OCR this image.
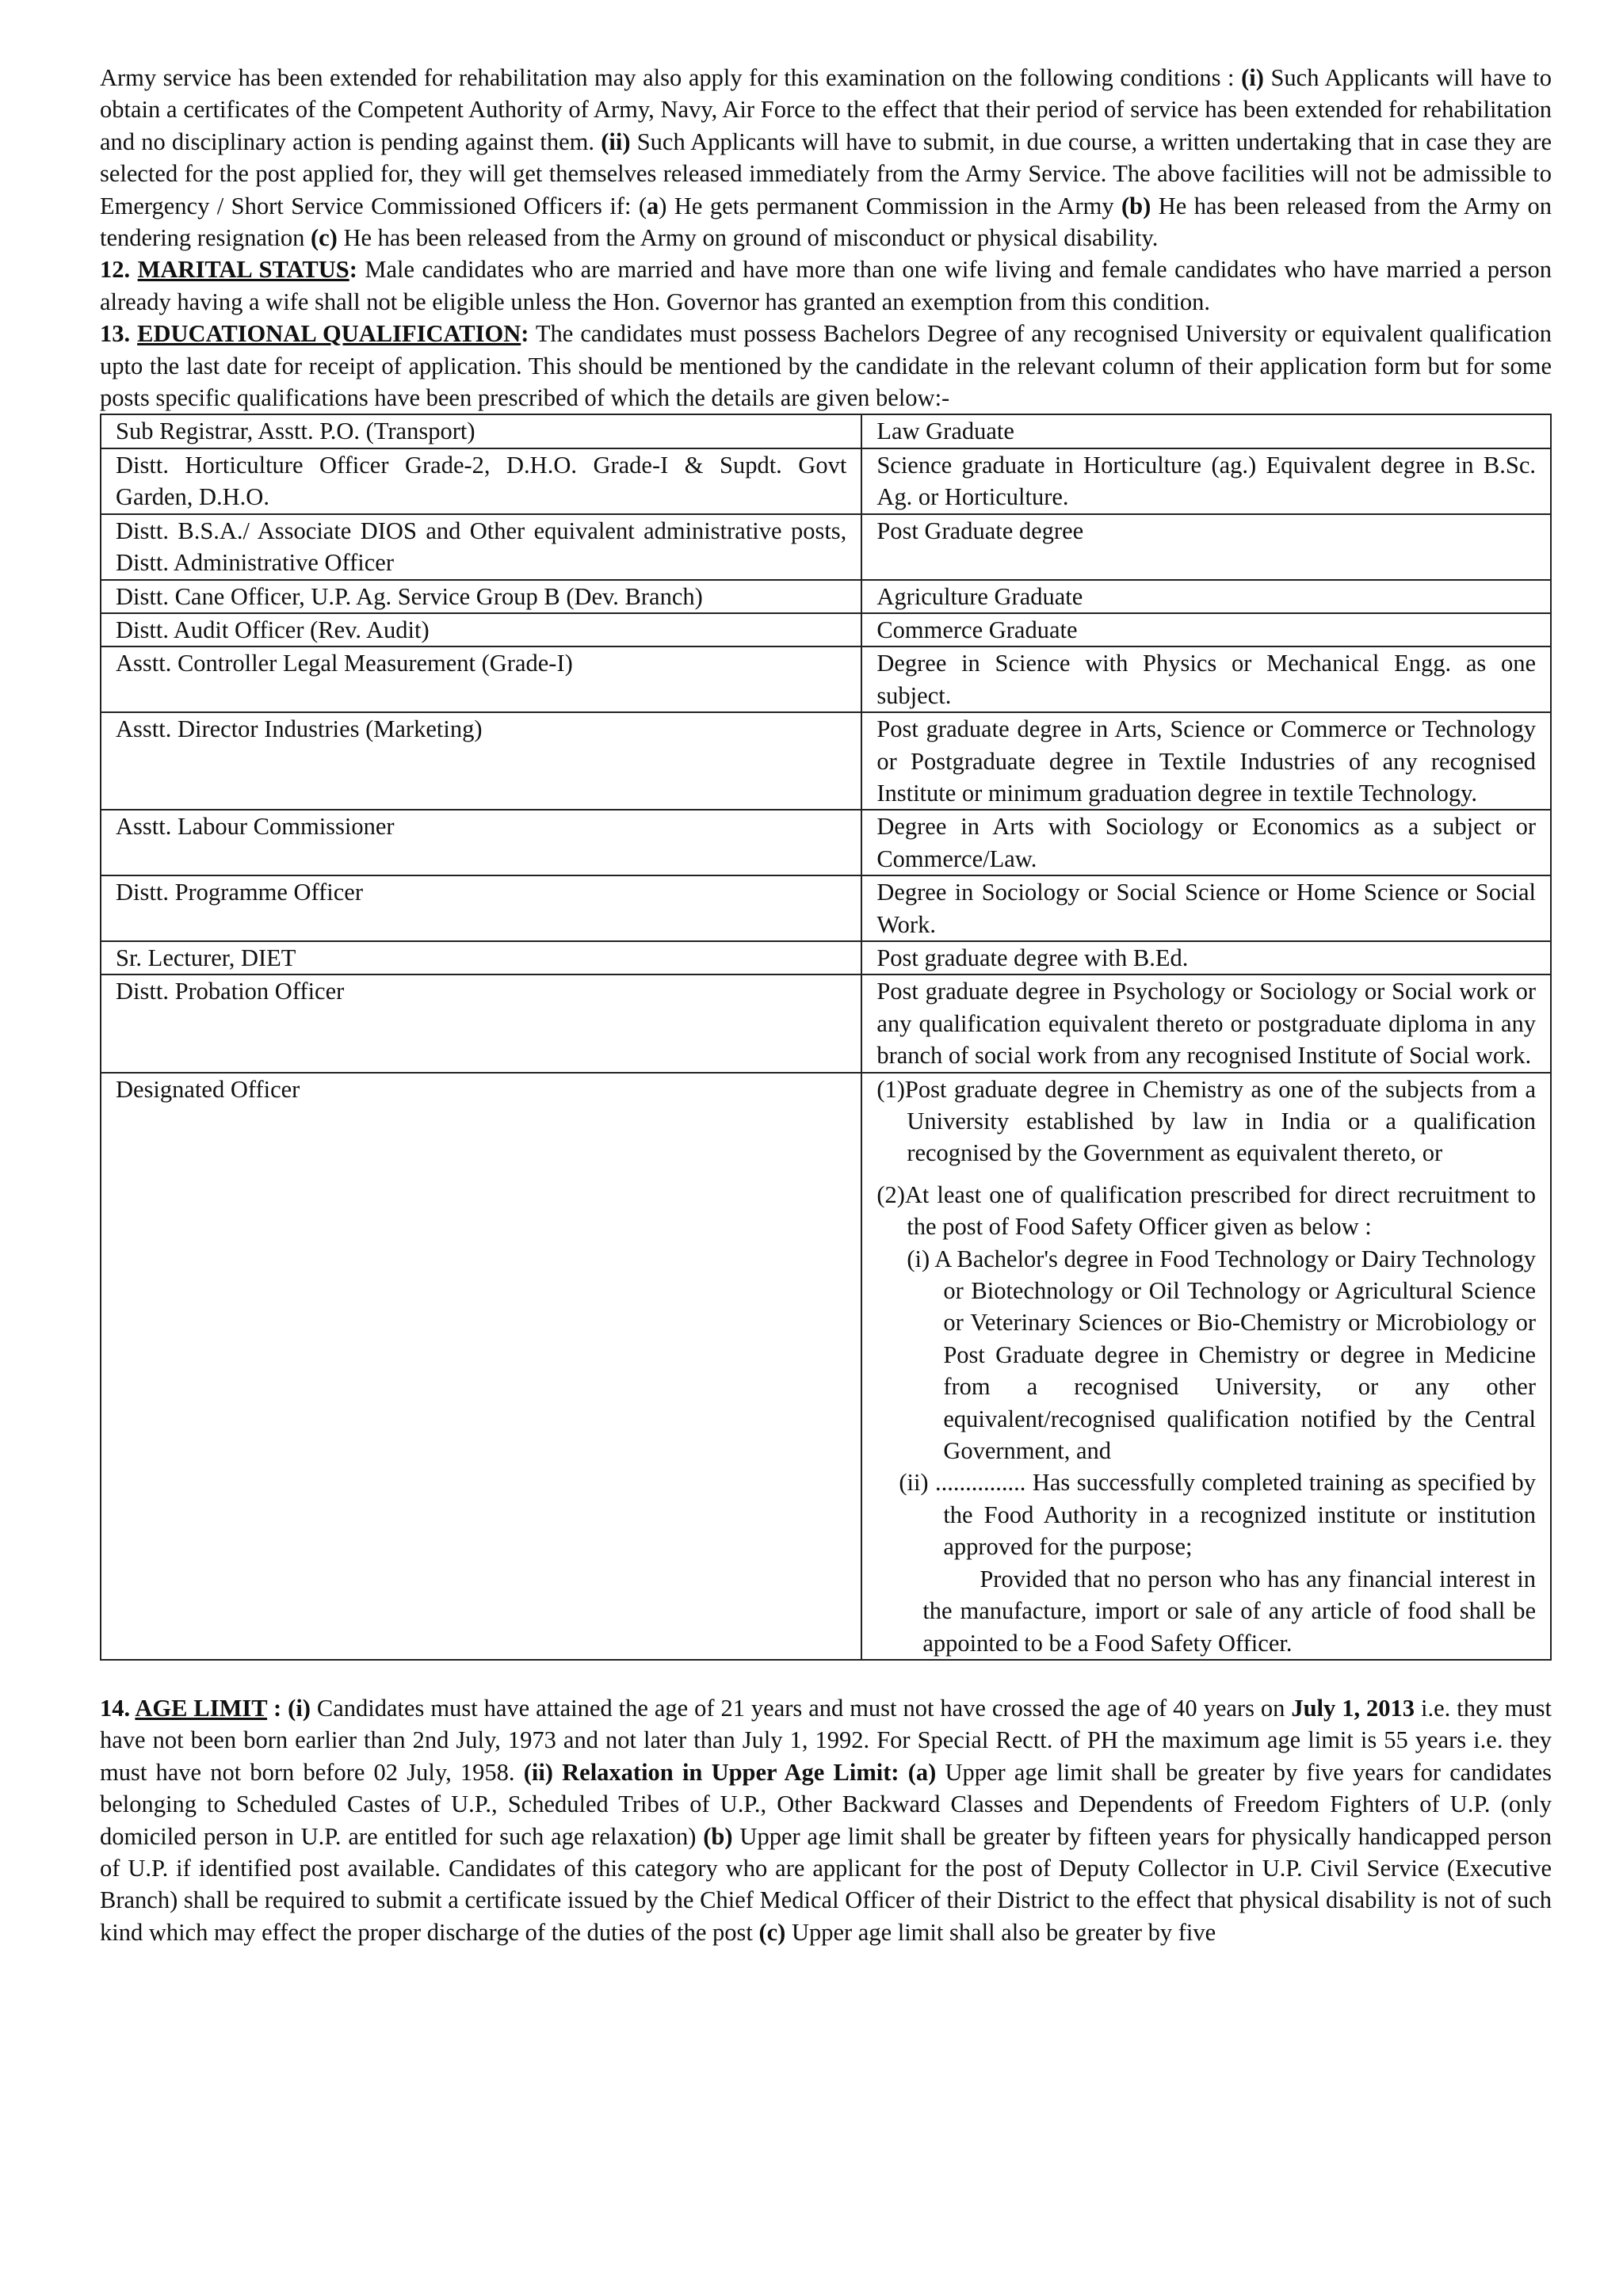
Army service has been extended for rehabilitation may also apply for this examination on the following conditions : (i) Such Applicants will have to obtain a certificates of the Competent Authority of Army, Navy, Air Force to the effect that their period of service has been extended for rehabilitation and no disciplinary action is pending against them. (ii) Such Applicants will have to submit, in due course, a written undertaking that in case they are selected for the post applied for, they will get themselves released immediately from the Army Service. The above facilities will not be admissible to Emergency / Short Service Commissioned Officers if: (a) He gets permanent Commission in the Army (b) He has been released from the Army on tendering resignation (c) He has been released from the Army on ground of misconduct or physical disability.

12. MARITAL STATUS: Male candidates who are married and have more than one wife living and female candidates who have married a person already having a wife shall not be eligible unless the Hon. Governor has granted an exemption from this condition.

13. EDUCATIONAL QUALIFICATION: The candidates must possess Bachelors Degree of any recognised University or equivalent qualification upto the last date for receipt of application. This should be mentioned by the candidate in the relevant column of their application form but for some posts specific qualifications have been prescribed of which the details are given below:-

Sub Registrar, Asstt. P.O. (Transport)	Law Graduate
Distt. Horticulture Officer Grade-2, D.H.O. Grade-I & Supdt. Govt Garden, D.H.O.	Science graduate in Horticulture (ag.) Equivalent degree in B.Sc. Ag. or Horticulture.
Distt. B.S.A./ Associate DIOS and Other equivalent administrative posts, Distt. Administrative Officer	Post Graduate degree
Distt. Cane Officer, U.P. Ag. Service Group B (Dev. Branch)	Agriculture Graduate
Distt. Audit Officer (Rev. Audit)	Commerce Graduate
Asstt. Controller Legal Measurement (Grade-I)	Degree in Science with Physics or Mechanical Engg. as one subject.
Asstt. Director Industries (Marketing)	Post graduate degree in Arts, Science or Commerce or Technology or Postgraduate degree in Textile Industries of any recognised Institute or minimum graduation degree in textile Technology.
Asstt. Labour Commissioner	Degree in Arts with Sociology or Economics as a subject or Commerce/Law.
Distt. Programme Officer	Degree in Sociology or Social Science or Home Science or Social Work.
Sr. Lecturer, DIET	Post graduate degree with B.Ed.
Distt. Probation Officer	Post graduate degree in Psychology or Sociology or Social work or any qualification equivalent thereto or postgraduate diploma in any branch of social work from any recognised Institute of Social work.
Designated Officer	(1)Post graduate degree in Chemistry as one of the subjects from a University established by law in India or a qualification recognised by the Government as equivalent thereto, or
(2)At least one of qualification prescribed for direct recruitment to the post of Food Safety Officer given as below :
(i) A Bachelor's degree in Food Technology or Dairy Technology or Biotechnology or Oil Technology or Agricultural Science or Veterinary Sciences or Bio-Chemistry or Microbiology or Post Graduate degree in Chemistry or degree in Medicine from a recognised University, or any other equivalent/recognised qualification notified by the Central Government, and
(ii) ............... Has successfully completed training as specified by the Food Authority in a recognized institute or institution approved for the purpose;
Provided that no person who has any financial interest in the manufacture, import or sale of any article of food shall be appointed to be a Food Safety Officer.

14. AGE LIMIT : (i) Candidates must have attained the age of 21 years and must not have crossed the age of 40 years on July 1, 2013 i.e. they must have not been born earlier than 2nd July, 1973 and not later than July 1, 1992. For Special Rectt. of PH the maximum age limit is 55 years i.e. they must have not born before 02 July, 1958. (ii) Relaxation in Upper Age Limit: (a) Upper age limit shall be greater by five years for candidates belonging to Scheduled Castes of U.P., Scheduled Tribes of U.P., Other Backward Classes and Dependents of Freedom Fighters of U.P. (only domiciled person in U.P. are entitled for such age relaxation) (b) Upper age limit shall be greater by fifteen years for physically handicapped person of U.P. if identified post available. Candidates of this category who are applicant for the post of Deputy Collector in U.P. Civil Service (Executive Branch) shall be required to submit a certificate issued by the Chief Medical Officer of their District to the effect that physical disability is not of such kind which may effect the proper discharge of the duties of the post (c) Upper age limit shall also be greater by five
